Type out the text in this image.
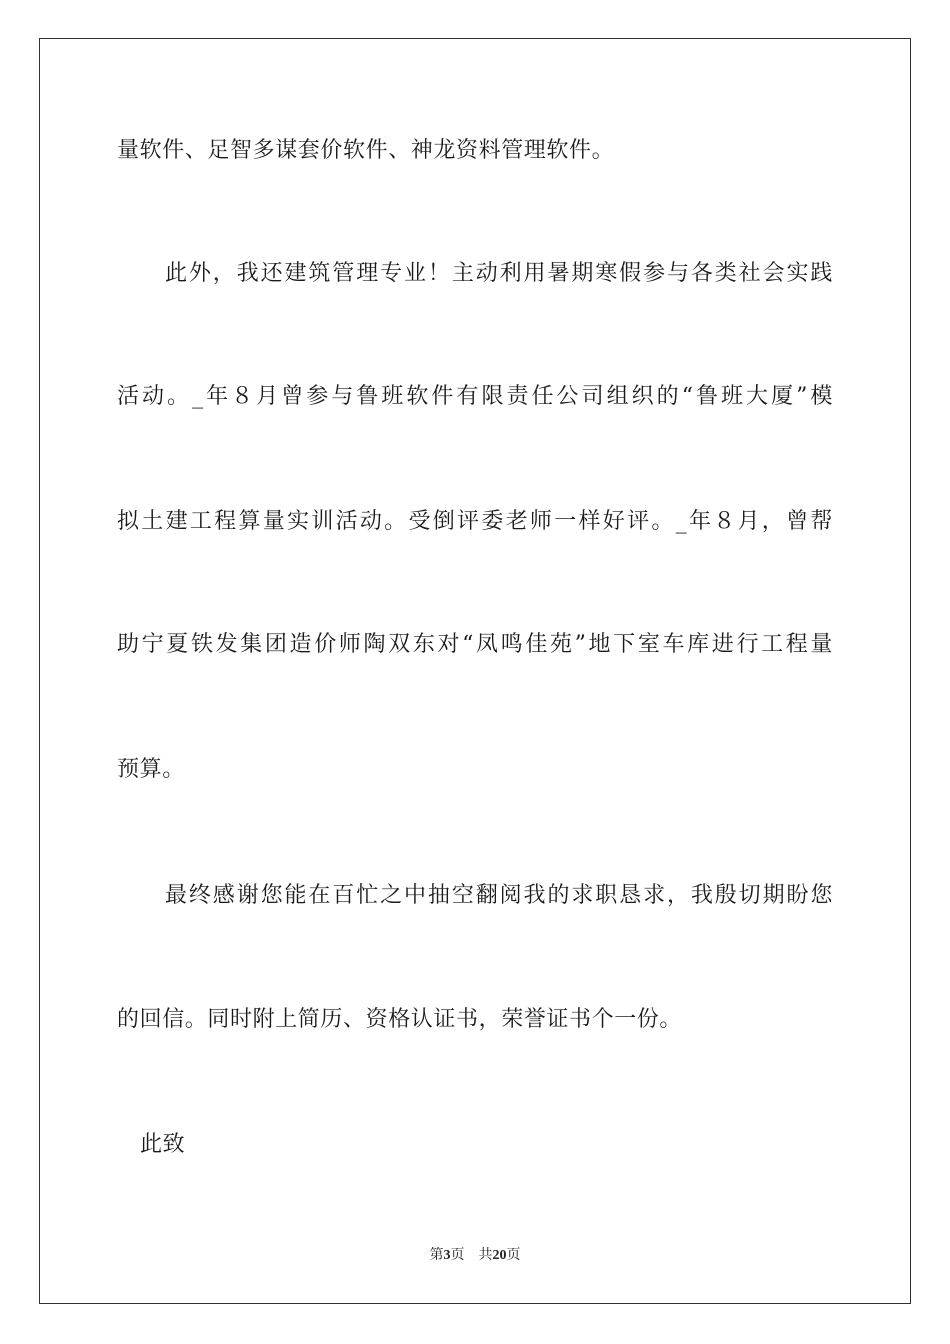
量软件、足智多谋套价软件、神龙资料管理软件。
此外，我还建筑管理专业！主动利用暑期寒假参与各类社会实践
活动。_年８月曾参与鲁班软件有限责任公司组织的“鲁班大厦”模
拟土建工程算量实训活动。受倒评委老师一样好评。_年８月，曾帮
助宁夏铁发集团造价师陶双东对“凤鸣佳苑”地下室车库进行工程量
预算。
最终感谢您能在百忙之中抽空翻阅我的求职恳求，我殷切期盼您
的回信。同时附上简历、资格认证书，荣誉证书个一份。
此致
第3页 共20页
